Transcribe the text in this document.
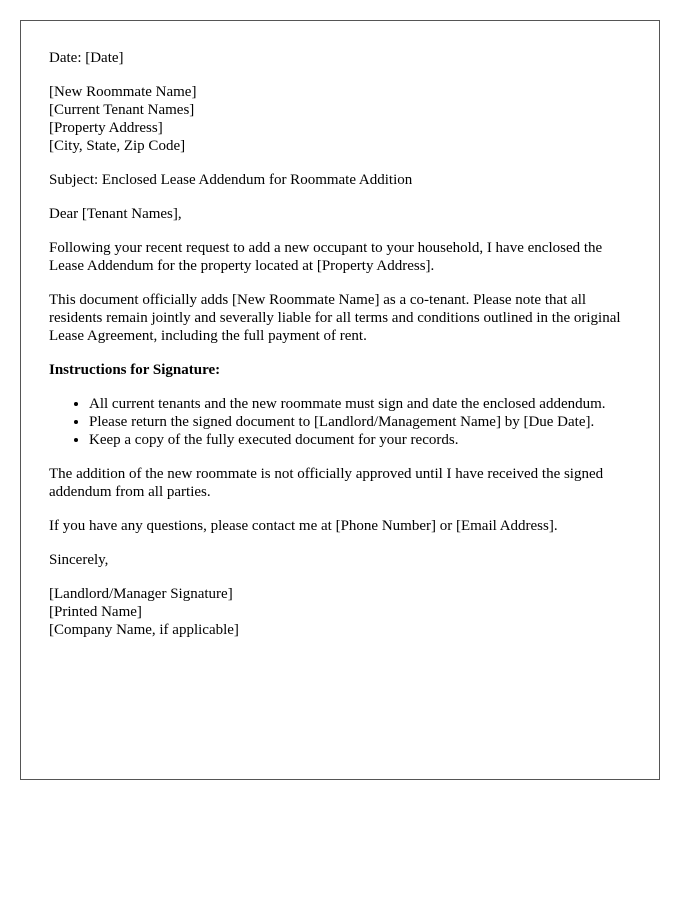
Date: [Date]

[New Roommate Name]
[Current Tenant Names]
[Property Address]
[City, State, Zip Code]

Subject: Enclosed Lease Addendum for Roommate Addition

Dear [Tenant Names],

Following your recent request to add a new occupant to your household, I have enclosed the Lease Addendum for the property located at [Property Address].

This document officially adds [New Roommate Name] as a co-tenant. Please note that all residents remain jointly and severally liable for all terms and conditions outlined in the original Lease Agreement, including the full payment of rent.

Instructions for Signature:

• All current tenants and the new roommate must sign and date the enclosed addendum.
• Please return the signed document to [Landlord/Management Name] by [Due Date].
• Keep a copy of the fully executed document for your records.

The addition of the new roommate is not officially approved until I have received the signed addendum from all parties.

If you have any questions, please contact me at [Phone Number] or [Email Address].

Sincerely,

[Landlord/Manager Signature]
[Printed Name]
[Company Name, if applicable]
